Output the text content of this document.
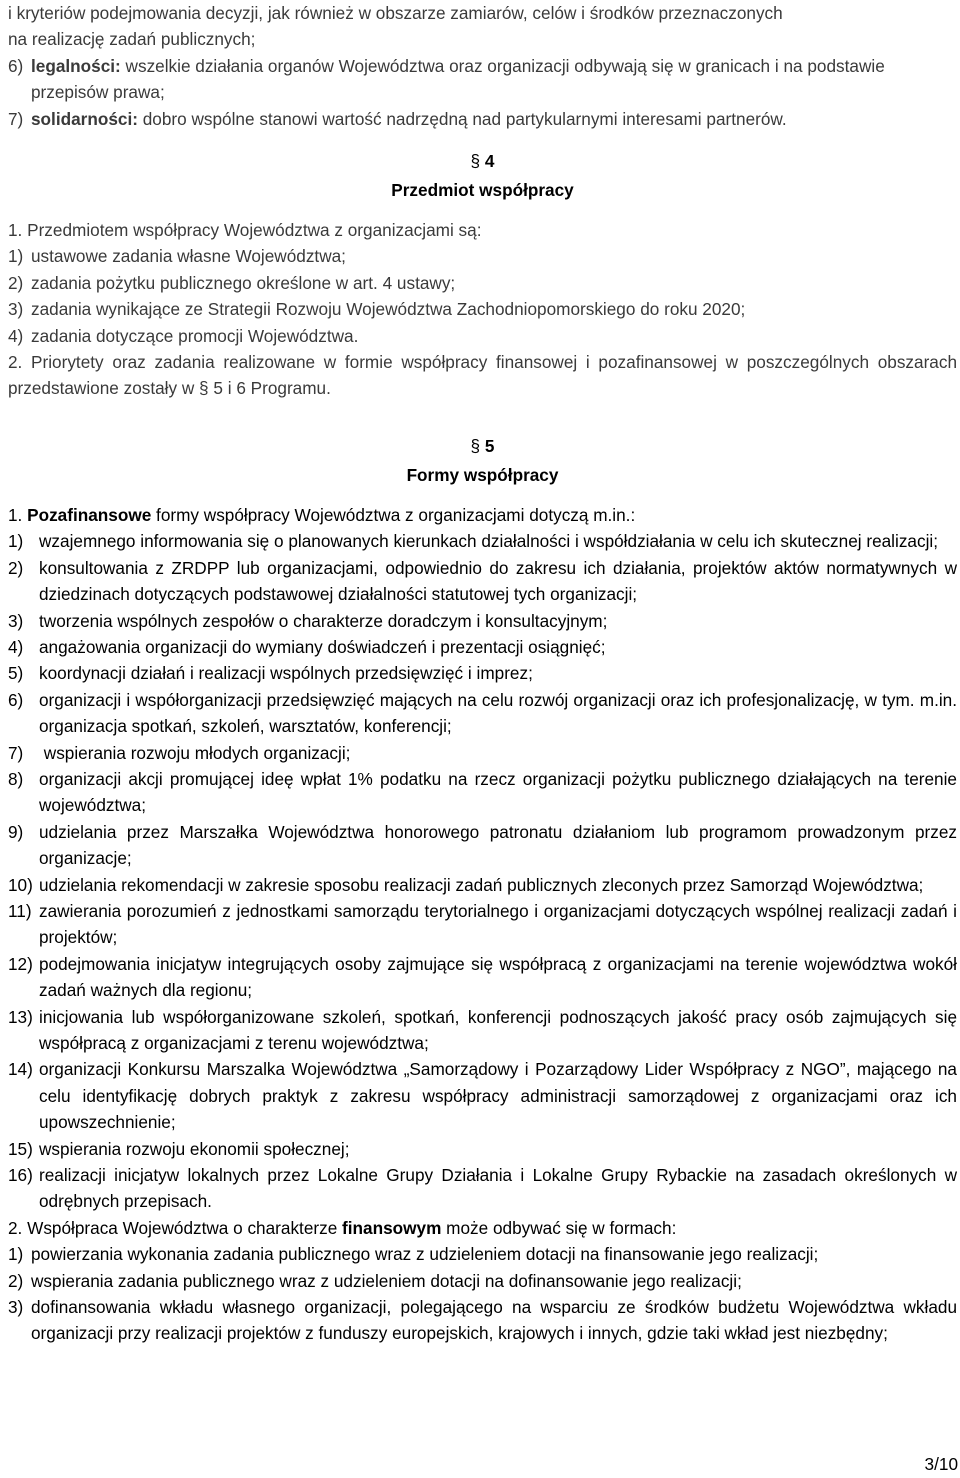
i kryteriów podejmowania decyzji, jak również w obszarze zamiarów, celów i środków przeznaczonych
na realizację zadań publicznych;

6) legalności: wszelkie działania organów Województwa oraz organizacji odbywają się w granicach i na podstawie przepisów prawa;

7) solidarności: dobro wspólne stanowi wartość nadrzędną nad partykularnymi interesami partnerów.

§ 4

Przedmiot współpracy

1. Przedmiotem współpracy Województwa z organizacjami są:

1) ustawowe zadania własne Województwa;

2) zadania pożytku publicznego określone w art. 4 ustawy;

3) zadania wynikające ze Strategii Rozwoju Województwa Zachodniopomorskiego do roku 2020;

4) zadania dotyczące promocji Województwa.

2. Priorytety oraz zadania realizowane w formie współpracy finansowej i pozafinansowej w poszczególnych obszarach przedstawione zostały w § 5 i 6 Programu.

§ 5

Formy współpracy

1. Pozafinansowe formy współpracy Województwa z organizacjami dotyczą m.in.:

1) wzajemnego informowania się o planowanych kierunkach działalności i współdziałania w celu ich skutecznej realizacji;

2) konsultowania z ZRDPP lub organizacjami, odpowiednio do zakresu ich działania, projektów aktów normatywnych w dziedzinach dotyczących podstawowej działalności statutowej tych organizacji;

3) tworzenia wspólnych zespołów o charakterze doradczym i konsultacyjnym;

4) angażowania organizacji do wymiany doświadczeń i prezentacji osiągnięć;

5) koordynacji działań i realizacji wspólnych przedsięwzięć i imprez;

6) organizacji i współorganizacji przedsięwzięć mających na celu rozwój organizacji oraz ich profesjonalizację, w tym. m.in. organizacja spotkań, szkoleń, warsztatów, konferencji;

7) wspierania rozwoju młodych organizacji;

8) organizacji akcji promującej ideę wpłat 1% podatku na rzecz organizacji pożytku publicznego działających na terenie województwa;

9) udzielania przez Marszałka Województwa honorowego patronatu działaniom lub programom prowadzonym przez organizacje;

10) udzielania rekomendacji w zakresie sposobu realizacji zadań publicznych zleconych przez Samorząd Województwa;

11) zawierania porozumień z jednostkami samorządu terytorialnego i organizacjami dotyczących wspólnej realizacji zadań i projektów;

12) podejmowania inicjatyw integrujących osoby zajmujące się współpracą z organizacjami na terenie województwa wokół zadań ważnych dla regionu;

13) inicjowania lub współorganizowane szkoleń, spotkań, konferencji podnoszących jakość pracy osób zajmujących się współpracą z organizacjami z terenu województwa;

14) organizacji Konkursu Marszalka Województwa „Samorządowy i Pozarządowy Lider Współpracy z NGO”, mającego na celu identyfikację dobrych praktyk z zakresu współpracy administracji samorządowej z organizacjami oraz ich upowszechnienie;

15) wspierania rozwoju ekonomii społecznej;

16) realizacji inicjatyw lokalnych przez Lokalne Grupy Działania i Lokalne Grupy Rybackie na zasadach określonych w odrębnych przepisach.

2. Współpraca Województwa o charakterze finansowym może odbywać się w formach:

1) powierzania wykonania zadania publicznego wraz z udzieleniem dotacji na finansowanie jego realizacji;

2) wspierania zadania publicznego wraz z udzieleniem dotacji na dofinansowanie jego realizacji;

3) dofinansowania wkładu własnego organizacji, polegającego na wsparciu ze środków budżetu Województwa wkładu organizacji przy realizacji projektów z funduszy europejskich, krajowych i innych, gdzie taki wkład jest niezbędny;

3/10
